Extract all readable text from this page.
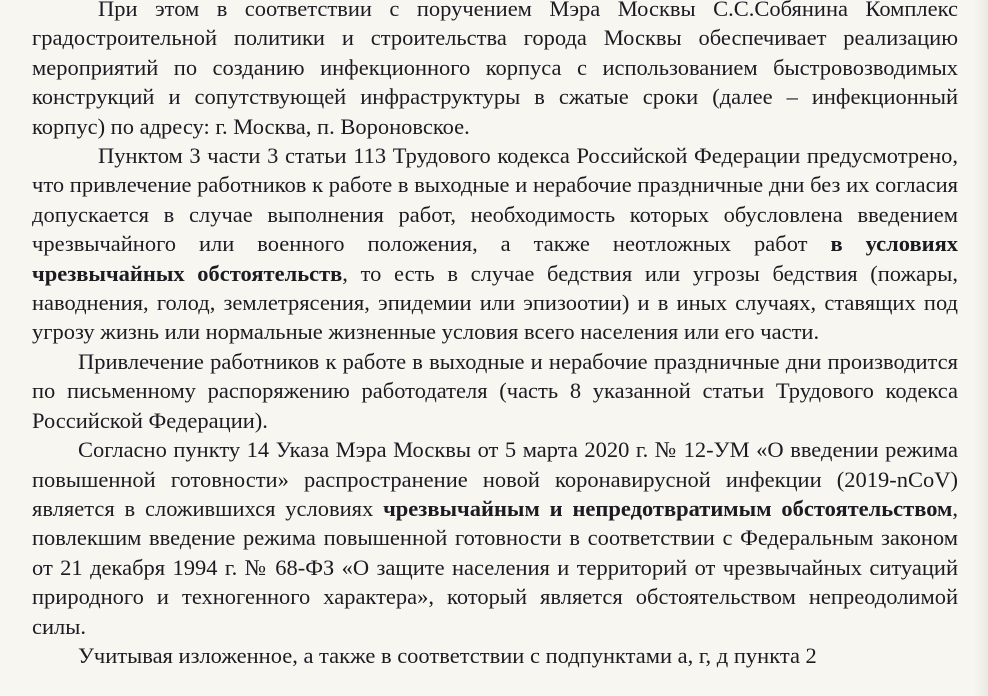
При этом в соответствии с поручением Мэра Москвы С.С.Собянина Комплекс градостроительной политики и строительства города Москвы обеспечивает реализацию мероприятий по созданию инфекционного корпуса с использованием быстровозводимых конструкций и сопутствующей инфраструктуры в сжатые сроки (далее – инфекционный корпус) по адресу: г. Москва, п. Вороновское.

Пунктом 3 части 3 статьи 113 Трудового кодекса Российской Федерации предусмотрено, что привлечение работников к работе в выходные и нерабочие праздничные дни без их согласия допускается в случае выполнения работ, необходимость которых обусловлена введением чрезвычайного или военного положения, а также неотложных работ в условиях чрезвычайных обстоятельств, то есть в случае бедствия или угрозы бедствия (пожары, наводнения, голод, землетрясения, эпидемии или эпизоотии) и в иных случаях, ставящих под угрозу жизнь или нормальные жизненные условия всего населения или его части.

Привлечение работников к работе в выходные и нерабочие праздничные дни производится по письменному распоряжению работодателя (часть 8 указанной статьи Трудового кодекса Российской Федерации).

Согласно пункту 14 Указа Мэра Москвы от 5 марта 2020 г. № 12-УМ «О введении режима повышенной готовности» распространение новой коронавирусной инфекции (2019-nCoV) является в сложившихся условиях чрезвычайным и непредотвратимым обстоятельством, повлекшим введение режима повышенной готовности в соответствии с Федеральным законом от 21 декабря 1994 г. № 68-ФЗ «О защите населения и территорий от чрезвычайных ситуаций природного и техногенного характера», который является обстоятельством непреодолимой силы.

Учитывая изложенное, а также в соответствии с подпунктами а, г, д пункта 2
